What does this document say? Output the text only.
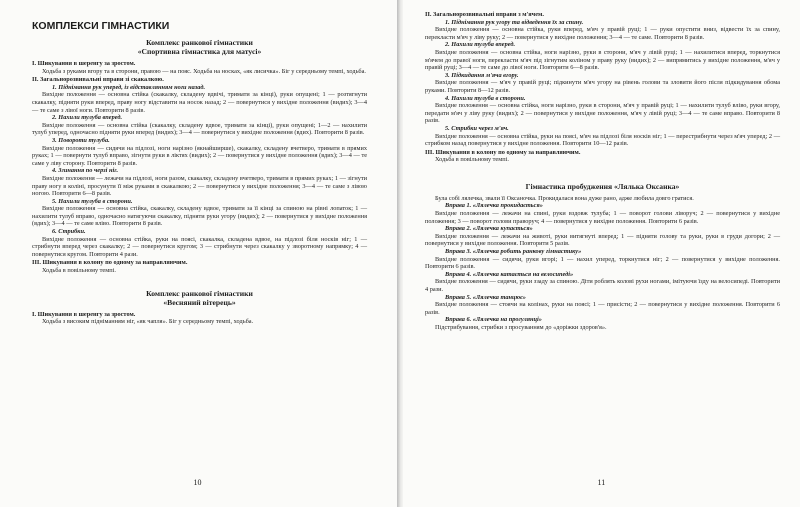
КОМПЛЕКСИ ГІМНАСТИКИ

Комплекс ранкової гімнастики

«Спортивна гімнастика для матусі»

I. Шикування в шеренгу за зростом.

Ходьба з руками вгору та в сторони, правою — на пояс. Ходьба на носках, «як лисичка». Біг у середньому темпі, ходьба.

II. Загальнорозвивальні вправи зі скакалкою.

1. Піднімання рук уперед, із відставлянням ноги назад.

Вихідне положення — основна стійка (скакалку, складену вдвічі, тримати за кінці), руки опущені; 1 — розтягнути скакалку, підняти руки вперед, праву ногу відставити на носок назад; 2 — повернутися у вихідне положення (видих); 3—4 — те саме з лівої ноги. Повторити 8 разів.

2. Нахили тулуба вперед.

Вихідне положення — основна стійка (скакалку, складену вдвое, тримати за кінці), руки опущені; 1—2 — нахилити тулуб уперед, одночасно підняти руки вперед (видих); 3—4 — повернутися у вихідне положення (вдих). Повторити 8 разів.

3. Повороти тулуба.

Вихідне положення — сидячи на підлозі, ноги нарізно (якнайширше), скакалку, складену вчетверо, тримати в прямих руках; 1 — повернути тулуб вправо, зігнути руки в ліктях (видих); 2 — повернутися у вихідне положення (вдих); 3—4 — те саме у ліву сторону. Повторити 8 разів.

4. Згинання по черзі ніг.

Вихідне положення — лежачи на підлозі, ноги разом, скакалку, складену вчетверо, тримати в прямих руках; 1 — зігнути праву ногу в коліні, просунути її між руками в скакалкою; 2 — повернутися у вихідне положення; 3—4 — те саме з лівою ногою. Повторити 6—8 разів.

5. Нахили тулуба в сторони.

Вихідне положення — основна стійка, скакалку, складену вдвое, тримати за її кінці за спиною на рівні лопаток; 1 — нахилити тулуб вправо, одночасно натягуючи скакалку, підняти руки угору (видих); 2 — повернутися у вихідне положення (вдих); 3—4 — те саме вліво. Повторити 8 разів.

6. Стрибки.

Вихідне положення — основна стійка, руки на поясі, скакалка, складена вдвое, на підлозі біля носків ніг; 1 — стрибнути вперед через скакалку; 2 — повернутися кругом; 3 — стрибнути через скакалку у зворотному напрямку; 4 — повернутися кругом. Повторити 4 рази.

III. Шикування в колону по одному за направляючим.

Ходьба в повільному темпі.

Комплекс ранкової гімнастики

«Весняний вітерець»

I. Шикування в шеренгу за зростом.

Ходьба з високим підніманням ніг, «як чапля». Біг у середньому темпі, ходьба.

10

II. Загальнорозвивальні вправи з м'ячем.

1. Піднімання рук угору та відведення їх за спину.

Вихідне положення — основна стійка, руки вперед, м'яч у правій руці; 1 — руки опустити вниз, відвести їх за спину, перекласти м'яч у ліву руку; 2 — повернутися у вихідне положення; 3—4 — те саме. Повторити 8 разів.

2. Нахили тулуба вперед.

Вихідне положення — основна стійка, ноги нарізно, руки в сторони, м'яч у лівій руці; 1 — нахилитися вперед, торкнутися м'ячем до правої ноги, перекласти м'яч під зігнутим коліном у праву руку (видих); 2 — випрямитись у вихідне положення, м'яч у правій руці; 3—4 — те саме до лівої ноги. Повторити 6—8 разів.

3. Підкидання м'яча вгору.

Вихідне положення — м'яч у правій руці; підкинути м'яч угору на рівень голови та зловити його після підкидування обома руками. Повторити 8—12 разів.

4. Нахили тулуба в сторони.

Вихідне положення — основна стійка, ноги нарізно, руки в сторони, м'яч у правій руці; 1 — нахилити тулуб вліво, руки вгору, передати м'яч у ліву руку (видих); 2 — повернутися у вихідне положення, м'яч у лівій руці; 3—4 — те саме вправо. Повторити 8 разів.

5. Стрибки через м'яч.

Вихідне положення — основна стійка, руки на поясі, м'яч на підлозі біля носків ніг; 1 — перестрибнути через м'яч уперед; 2 — стрибком назад повернутися у вихідне положення. Повторити 10—12 разів.

III. Шикування в колону по одному за направляючим.

Ходьба в повільному темпі.

Гімнастика пробудження «Лялька Оксанка»

Була собі лялечка, звали її Оксаночка. Прокидалася вона дуже рано, адже любила довго гратися.

Вправа 1. «Лялечка прокидається»

Вихідне положення — лежачи на спині, руки вздовж тулуба; 1 — поворот голови ліворуч; 2 — повернутися у вихідне положення; 3 — поворот голови праворуч; 4 — повернутися у вихідне положення. Повторити 6 разів.

Вправа 2. «Лялечка купається»

Вихідне положення — лежачи на животі, руки витягнуті вперед; 1 — підняти голову та руки, руки в груди догори; 2 — повернутися у вихідне положення. Повторити 5 разів.

Вправа 3. «Лялечка робить ранкову гімнастику»

Вихідне положення — сидячи, руки вгорі; 1 — нахил уперед, торкнутися ніг; 2 — повернутися у вихідне положення. Повторити 6 разів.

Вправа 4. «Лялечка катається на велосипеді»

Вихідне положення — сидячи, руки ззаду за спиною. Діти роблять колові рухи ногами, імітуючи їзду на велосипеді. Повторити 4 рази.

Вправа 5. «Лялечка танцює»

Вихідне положення — стоячи на колінах, руки на поясі; 1 — присісти; 2 — повернутися у вихідне положення. Повторити 6 разів.

Вправа 6. «Лялечка на прогулянці»

Підстрибування, стрибки з просуванням до «доріжки здоров'я».

11
